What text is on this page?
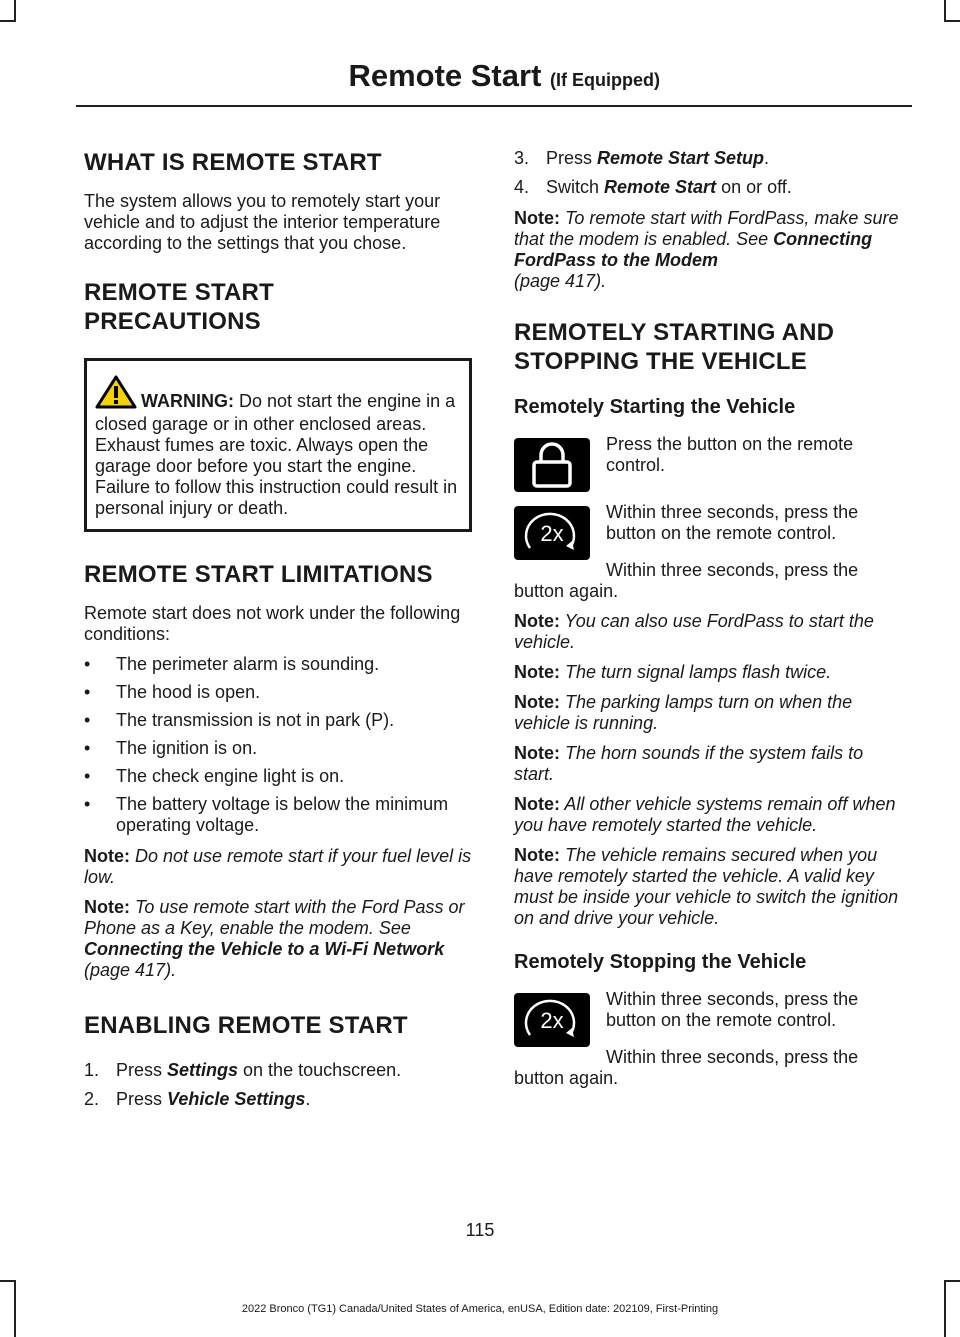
Remote Start (If Equipped)
WHAT IS REMOTE START

The system allows you to remotely start your vehicle and to adjust the interior temperature according to the settings that you chose.

REMOTE START
PRECAUTIONS
WARNING: Do not start the engine in a closed garage or in other enclosed areas. Exhaust fumes are toxic. Always open the garage door before you start the engine. Failure to follow this instruction could result in personal injury or death.
REMOTE START LIMITATIONS

Remote start does not work under the following conditions:

• The perimeter alarm is sounding.
• The hood is open.
• The transmission is not in park (P).
• The ignition is on.
• The check engine light is on.
• The battery voltage is below the minimum operating voltage.

Note: Do not use remote start if your fuel level is low.

Note: To use remote start with the Ford Pass or Phone as a Key, enable the modem. See Connecting the Vehicle to a Wi-Fi Network (page 417).

ENABLING REMOTE START
1. Press Settings on the touchscreen.
2. Press Vehicle Settings.
3. Press Remote Start Setup.
4. Switch Remote Start on or off.

Note: To remote start with FordPass, make sure that the modem is enabled. See Connecting FordPass to the Modem
(page 417).

REMOTELY STARTING AND
STOPPING THE VEHICLE
Remotely Starting the Vehicle

Press the button on the remote control.

2x

Within three seconds, press the button on the remote control.

Within three seconds, press the button again.

Note: You can also use FordPass to start the vehicle.

Note: The turn signal lamps flash twice.

Note: The parking lamps turn on when the vehicle is running.

Note: The horn sounds if the system fails to start.

Note: All other vehicle systems remain off when you have remotely started the vehicle.

Note: The vehicle remains secured when you have remotely started the vehicle. A valid key must be inside your vehicle to switch the ignition on and drive your vehicle.

Remotely Stopping the Vehicle
2x

Within three seconds, press the button on the remote control.

Within three seconds, press the button again.

115
2022 Bronco (TG1) Canada/United States of America, enUSA, Edition date: 202109, First-Printing
